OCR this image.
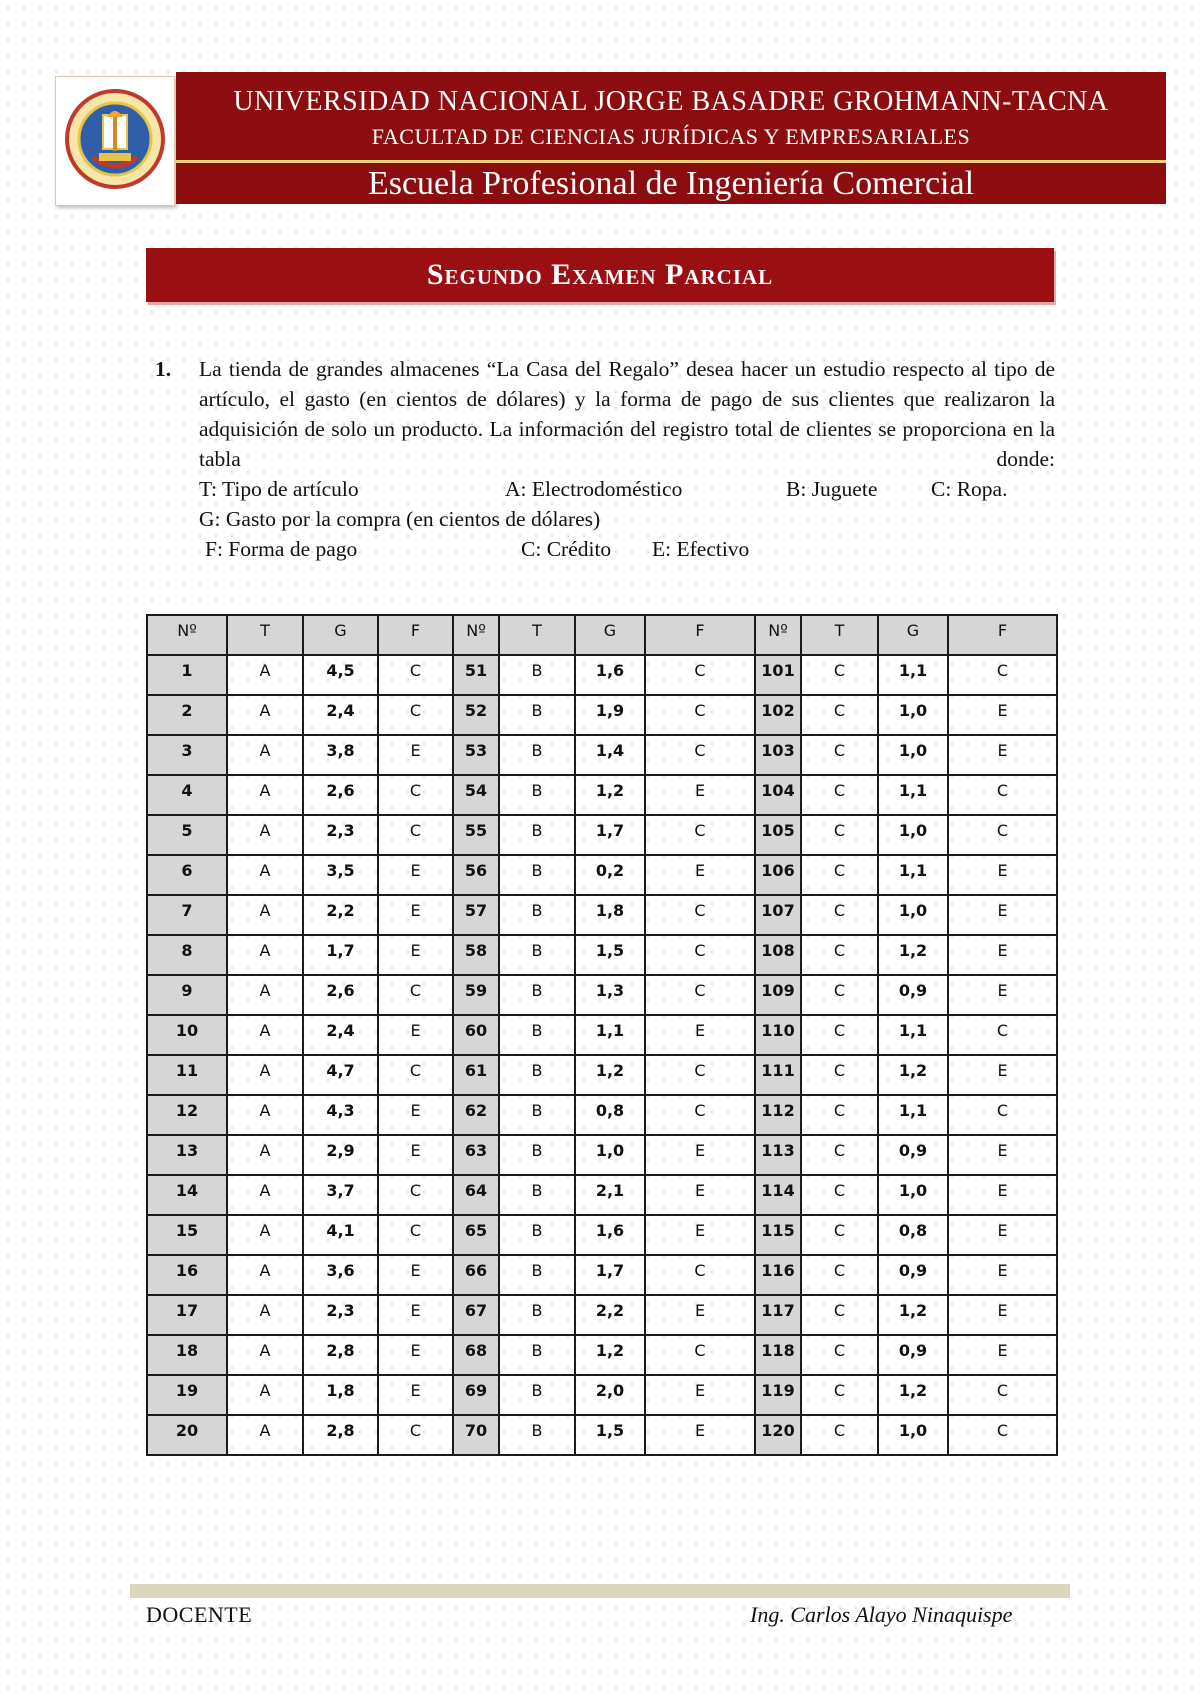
UNIVERSIDAD NACIONAL JORGE BASADRE GROHMANN-TACNA
FACULTAD DE CIENCIAS JURÍDICAS Y EMPRESARIALES
Escuela Profesional de Ingeniería Comercial
Segundo Examen Parcial
1. La tienda de grandes almacenes “La Casa del Regalo” desea hacer un estudio respecto al tipo de artículo, el gasto (en cientos de dólares) y la forma de pago de sus clientes que realizaron la adquisición de solo un producto. La información del registro total de clientes se proporciona en la tabla donde:
T: Tipo de artículo	A: Electrodoméstico	B: Juguete C: Ropa.
G: Gasto por la compra (en cientos de dólares)
F: Forma de pago	C: Crédito E: Efectivo
Nº	T	G	F	Nº	T	G	F	Nº	T	G	F
1	A	4,5	C	51	B	1,6	C	101	C	1,1	C
2	A	2,4	C	52	B	1,9	C	102	C	1,0	E
3	A	3,8	E	53	B	1,4	C	103	C	1,0	E
4	A	2,6	C	54	B	1,2	E	104	C	1,1	C
5	A	2,3	C	55	B	1,7	C	105	C	1,0	C
6	A	3,5	E	56	B	0,2	E	106	C	1,1	E
7	A	2,2	E	57	B	1,8	C	107	C	1,0	E
8	A	1,7	E	58	B	1,5	C	108	C	1,2	E
9	A	2,6	C	59	B	1,3	C	109	C	0,9	E
10	A	2,4	E	60	B	1,1	E	110	C	1,1	C
11	A	4,7	C	61	B	1,2	C	111	C	1,2	E
12	A	4,3	E	62	B	0,8	C	112	C	1,1	C
13	A	2,9	E	63	B	1,0	E	113	C	0,9	E
14	A	3,7	C	64	B	2,1	E	114	C	1,0	E
15	A	4,1	C	65	B	1,6	E	115	C	0,8	E
16	A	3,6	E	66	B	1,7	C	116	C	0,9	E
17	A	2,3	E	67	B	2,2	E	117	C	1,2	E
18	A	2,8	E	68	B	1,2	C	118	C	0,9	E
19	A	1,8	E	69	B	2,0	E	119	C	1,2	C
20	A	2,8	C	70	B	1,5	E	120	C	1,0	C
DOCENTE	Ing. Carlos Alayo Ninaquispe
